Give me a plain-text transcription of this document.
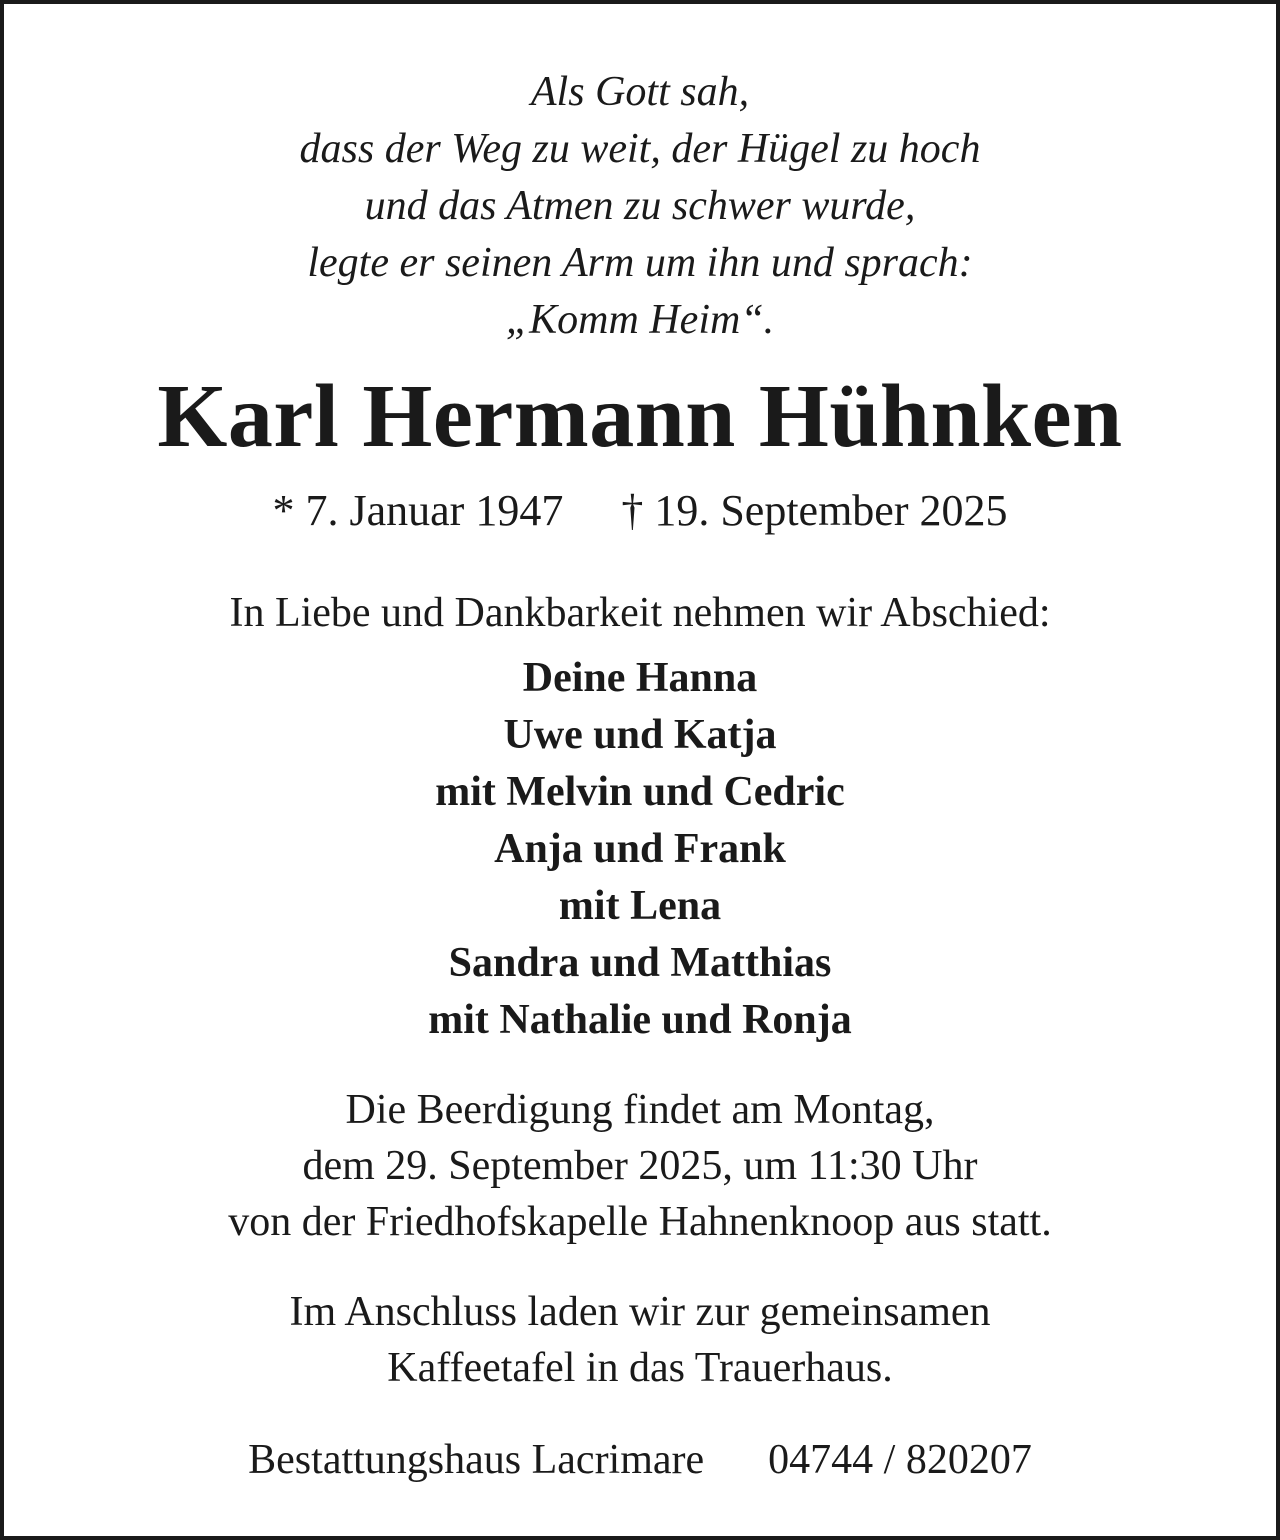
Als Gott sah,
dass der Weg zu weit, der Hügel zu hoch
und das Atmen zu schwer wurde,
legte er seinen Arm um ihn und sprach:
„Komm Heim“.
Karl Hermann Hühnken
* 7. Januar 1947 † 19. September 2025
In Liebe und Dankbarkeit nehmen wir Abschied:
Deine Hanna
Uwe und Katja
mit Melvin und Cedric
Anja und Frank
mit Lena
Sandra und Matthias
mit Nathalie und Ronja
Die Beerdigung findet am Montag,
dem 29. September 2025, um 11:30 Uhr
von der Friedhofskapelle Hahnenknoop aus statt.
Im Anschluss laden wir zur gemeinsamen
Kaffeetafel in das Trauerhaus.
Bestattungshaus Lacrimare 04744 / 820207
